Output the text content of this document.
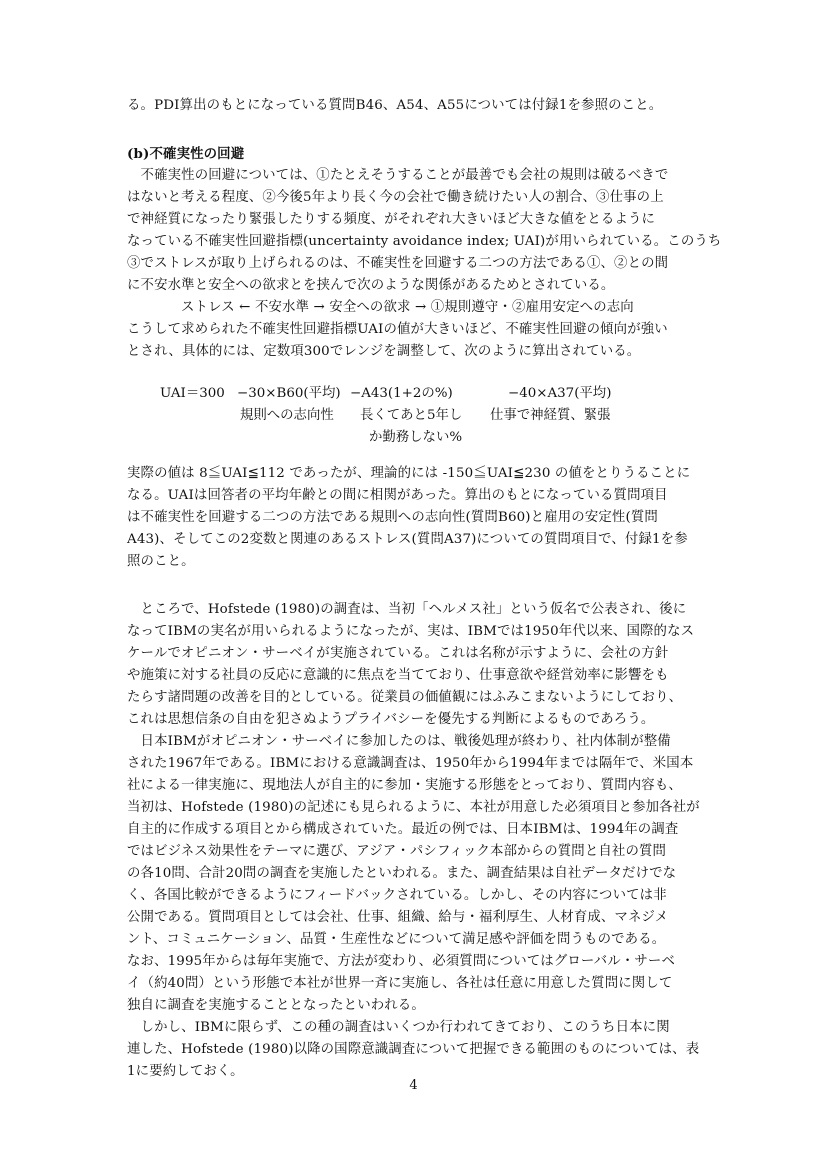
る。PDI算出のもとになっている質問B46、A54、A55については付録1を参照のこと。
(b)不確実性の回避
　不確実性の回避については、①たとえそうすることが最善でも会社の規則は破るべきで
はないと考える程度、②今後5年より長く今の会社で働き続けたい人の割合、③仕事の上
で神経質になったり緊張したりする頻度、がそれぞれ大きいほど大きな値をとるように
なっている不確実性回避指標(uncertainty avoidance index; UAI)が用いられている。このうち
③でストレスが取り上げられるのは、不確実性を回避する二つの方法である①、②との間
に不安水準と安全への欲求とを挟んで次のような関係があるためとされている。
ストレス ← 不安水準 → 安全への欲求 → ①規則遵守・②雇用安定への志向
こうして求められた不確実性回避指標UAIの値が大きいほど、不確実性回避の傾向が強い
とされ、具体的には、定数項300でレンジを調整して、次のように算出されている。
UAI＝300 −30×B60(平均) −A43(1+2の%)	−40×A37(平均)
規則への志向性 長くてあと5年し 仕事で神経質、緊張
か勤務しない%
実際の値は 8≦UAI≦112 であったが、理論的には -150≦UAI≦230 の値をとりうることに
なる。UAIは回答者の平均年齢との間に相関があった。算出のもとになっている質問項目
は不確実性を回避する二つの方法である規則への志向性(質問B60)と雇用の安定性(質問
A43)、そしてこの2変数と関連のあるストレス(質問A37)についての質問項目で、付録1を参
照のこと。
　ところで、Hofstede (1980)の調査は、当初「ヘルメス社」という仮名で公表され、後に
なってIBMの実名が用いられるようになったが、実は、IBMでは1950年代以来、国際的なス
ケールでオピニオン・サーベイが実施されている。これは名称が示すように、会社の方針
や施策に対する社員の反応に意識的に焦点を当てており、仕事意欲や経営効率に影響をも
たらす諸問題の改善を目的としている。従業員の価値観にはふみこまないようにしており、
これは思想信条の自由を犯さぬようプライバシーを優先する判断によるものであろう。
　日本IBMがオピニオン・サーベイに参加したのは、戦後処理が終わり、社内体制が整備
された1967年である。IBMにおける意識調査は、1950年から1994年までは隔年で、米国本
社による一律実施に、現地法人が自主的に参加・実施する形態をとっており、質問内容も、
当初は、Hofstede (1980)の記述にも見られるように、本社が用意した必須項目と参加各社が
自主的に作成する項目とから構成されていた。最近の例では、日本IBMは、1994年の調査
ではビジネス効果性をテーマに選び、アジア・パシフィック本部からの質問と自社の質問
の各10問、合計20問の調査を実施したといわれる。また、調査結果は自社データだけでな
く、各国比較ができるようにフィードバックされている。しかし、その内容については非
公開である。質問項目としては会社、仕事、組織、給与・福利厚生、人材育成、マネジメ
ント、コミュニケーション、品質・生産性などについて満足感や評価を問うものである。
なお、1995年からは毎年実施で、方法が変わり、必須質問についてはグローバル・サーベ
イ（約40問）という形態で本社が世界一斉に実施し、各社は任意に用意した質問に関して
独自に調査を実施することとなったといわれる。
　しかし、IBMに限らず、この種の調査はいくつか行われてきており、このうち日本に関
連した、Hofstede (1980)以降の国際意識調査について把握できる範囲のものについては、表
1に要約しておく。
4
